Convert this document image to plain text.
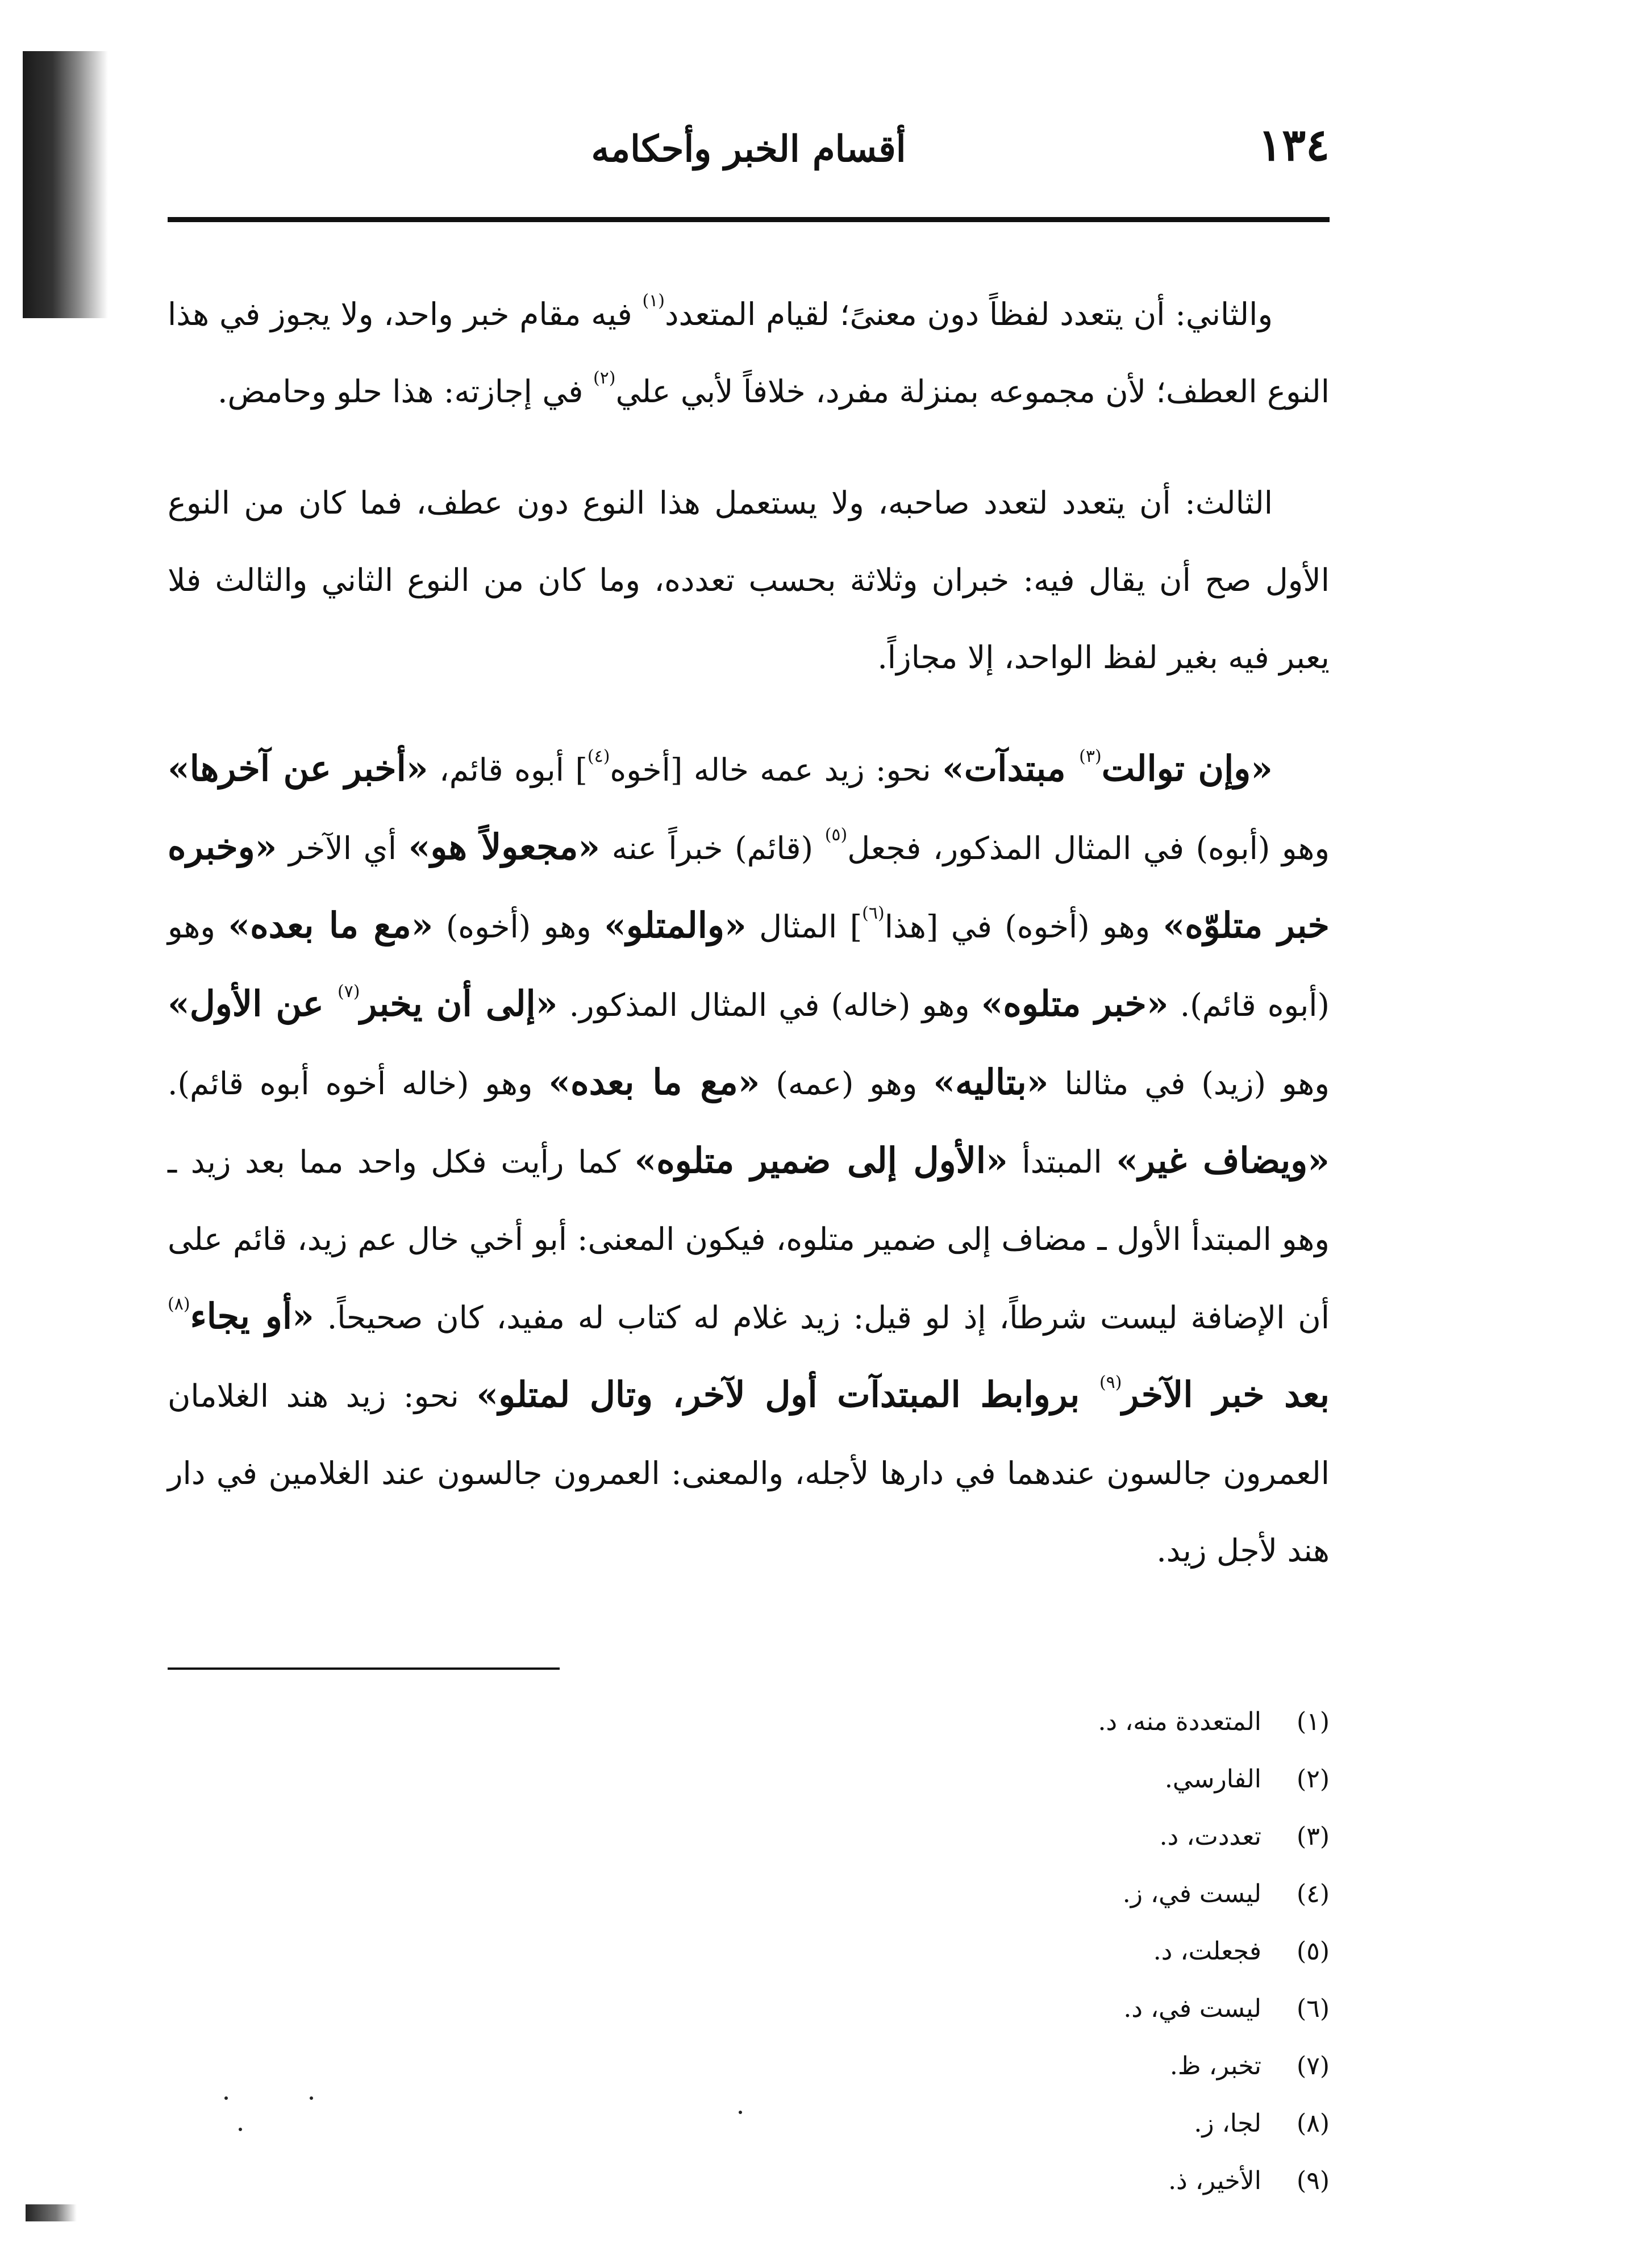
١٣٤
أقسام الخبر وأحكامه

والثاني: أن يتعدد لفظاً دون معنىً؛ لقيام المتعدد$^{(١)}$ فيه مقام خبر واحد، ولا يجوز في هذا النوع العطف؛ لأن مجموعه بمنزلة مفرد، خلافاً لأبي علي$^{(٢)}$ في إجازته: هذا حلو وحامض.

الثالث: أن يتعدد لتعدد صاحبه، ولا يستعمل هذا النوع دون عطف، فما كان من النوع الأول صح أن يقال فيه: خبران وثلاثة بحسب تعدده، وما كان من النوع الثاني والثالث فلا يعبر فيه بغير لفظ الواحد، إلا مجازاً.

«وإن توالت$^{(٣)}$ مبتدآت» نحو: زيد عمه خاله [أخوه$^{(٤)}$] أبوه قائم، «أخبر عن آخرها» وهو (أبوه) في المثال المذكور، فجعل$^{(٥)}$ (قائم) خبراً عنه «مجعولاً هو» أي الآخر «وخبره خبر متلوّه» وهو (أخوه) في [هذا$^{(٦)}$] المثال «والمتلو» وهو (أخوه) «مع ما بعده» وهو (أبوه قائم). «خبر متلوه» وهو (خاله) في المثال المذكور. «إلى أن يخبر$^{(٧)}$ عن الأول» وهو (زيد) في مثالنا «بتاليه» وهو (عمه) «مع ما بعده» وهو (خاله أخوه أبوه قائم). «ويضاف غير» المبتدأ «الأول إلى ضمير متلوه» كما رأيت فكل واحد مما بعد زيد ـ وهو المبتدأ الأول ـ مضاف إلى ضمير متلوه، فيكون المعنى: أبو أخي خال عم زيد، قائم على أن الإضافة ليست شرطاً، إذ لو قيل: زيد غلام له كتاب له مفيد، كان صحيحاً. «أو يجاء$^{(٨)}$ بعد خبر الآخر$^{(٩)}$ بروابط المبتدآت أول لآخر، وتال لمتلو» نحو: زيد هند الغلامان العمرون جالسون عندهما في دارها لأجله، والمعنى: العمرون جالسون عند الغلامين في دار هند لأجل زيد.

(١)المتعددة منه، د.
(٢)الفارسي.
(٣)تعددت، د.
(٤)ليست في، ز.
(٥)فجعلت، د.
(٦)ليست في، د.
(٧)تخبر، ظ.
(٨)لجا، ز.
(٩)الأخير، ذ.
